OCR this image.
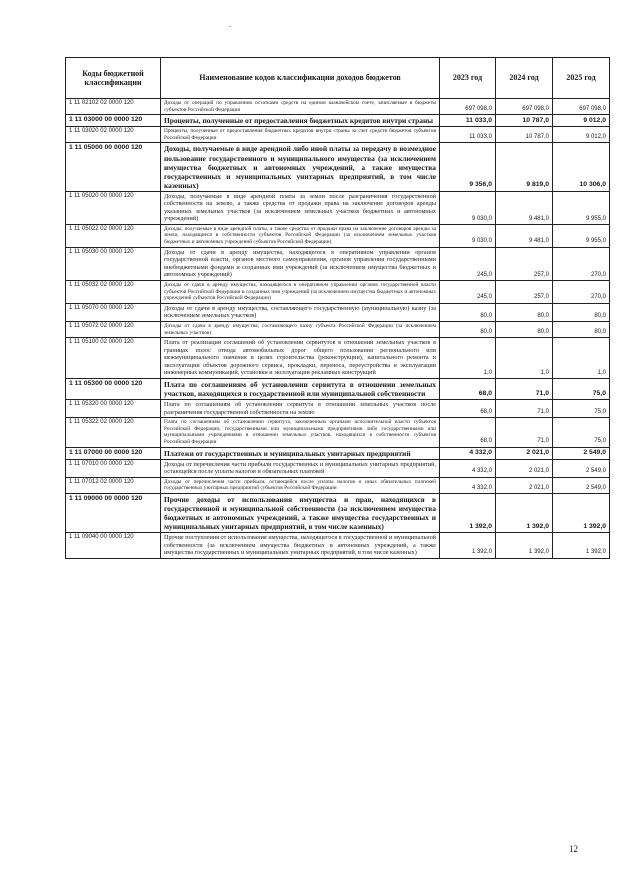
.
Коды бюджетной классификации	Наименование кодов классификации доходов бюджетов	2023 год	2024 год	2025 год
1 11 02102 02 0000 120	Доходы от операций по управлению остатками средств на едином казначейском счете, зачисляемые в бюджеты субъектов Российской Федерации	697 098,0	697 098,0	697 098,0
1 11 03000 00 0000 120	Проценты, полученные от предоставления бюджетных кредитов внутри страны	11 033,0	10 787,0	9 012,0
1 11 03020 02 0000 120	Проценты, полученные от предоставления бюджетных кредитов внутри страны за счет средств бюджетов субъектов Российской Федерации	11 033,0	10 787,0	9 012,0
1 11 05000 00 0000 120	Доходы, получаемые в виде арендной либо иной платы за передачу в возмездное пользование государственного и муниципального имущества (за исключением имущества бюджетных и автономных учреждений, а также имущества государственных и муниципальных унитарных предприятий, в том числе казенных)	9 356,0	9 819,0	10 306,0
1 11 05020 00 0000 120	Доходы, получаемые в виде арендной платы за земли после разграничения государственной собственности на землю, а также средства от продажи права на заключение договоров аренды указанных земельных участков (за исключением земельных участков бюджетных и автономных учреждений)	9 030,0	9 481,0	9 955,0
1 11 05022 02 0000 120	Доходы, получаемые в виде арендной платы, а также средства от продажи права на заключение договоров аренды за земли, находящиеся в собственности субъектов Российской Федерации (за исключением земельных участков бюджетных и автономных учреждений субъектов Российской Федерации)	9 030,0	9 481,0	9 955,0
1 11 05030 00 0000 120	Доходы от сдачи в аренду имущества, находящегося в оперативном управлении органов государственной власти, органов местного самоуправления, органов управления государственными внебюджетными фондами и созданных ими учреждений (за исключением имущества бюджетных и автономных учреждений)	245,0	257,0	270,0
1 11 05032 02 0000 120	Доходы от сдачи в аренду имущества, находящегося в оперативном управлении органов государственной власти субъектов Российской Федерации и созданных ими учреждений (за исключением имущества бюджетных и автономных учреждений субъектов Российской Федерации)	245,0	257,0	270,0
1 11 05070 00 0000 120	Доходы от сдачи в аренду имущества, составляющего государственную (муниципальную) казну (за исключением земельных участков)	80,0	80,0	80,0
1 11 05072 02 0000 120	Доходы от сдачи в аренду имущества, составляющего казну субъекта Российской Федерации (за исключением земельных участков)	80,0	80,0	80,0
1 11 05100 02 0000 120	Плата от реализации соглашений об установлении сервитутов в отношении земельных участков в границах полос отвода автомобильных дорог общего пользования регионального или межмуниципального значения в целях строительства (реконструкции), капитального ремонта и эксплуатации объектов дорожного сервиса, прокладки, переноса, переустройства и эксплуатации инженерных коммуникаций, установки и эксплуатации рекламных конструкций	1,0	1,0	1,0
1 11 05300 00 0000 120	Плата по соглашениям об установлении сервитута в отношении земельных участков, находящихся в государственной или муниципальной собственности	68,0	71,0	75,0
1 11 05320 00 0000 120	Плата по соглашениям об установлении сервитута в отношении земельных участков после разграничения государственной собственности на землю	68,0	71,0	75,0
1 11 05322 02 0000 120	Плата по соглашениям об установлении сервитута, заключенным органами исполнительной власти субъектов Российской Федерации, государственными или муниципальными предприятиями либо государственными или муниципальными учреждениями в отношении земельных участков, находящихся в собственности субъектов Российской Федерации	68,0	71,0	75,0
1 11 07000 00 0000 120	Платежи от государственных и муниципальных унитарных предприятий	4 332,0	2 021,0	2 549,0
1 11 07010 00 0000 120	Доходы от перечисления части прибыли государственных и муниципальных унитарных предприятий, остающейся после уплаты налогов и обязательных платежей	4 332,0	2 021,0	2 549,0
1 11 07012 02 0000 120	Доходы от перечисления части прибыли, остающейся после уплаты налогов и иных обязательных платежей государственных унитарных предприятий субъектов Российской Федерации	4 332,0	2 021,0	2 549,0
1 11 09000 00 0000 120	Прочие доходы от использования имущества и прав, находящихся в государственной и муниципальной собственности (за исключением имущества бюджетных и автономных учреждений, а также имущества государственных и муниципальных унитарных предприятий, в том числе казенных)	1 392,0	1 392,0	1 392,0
1 11 09040 00 0000 120	Прочие поступления от использования имущества, находящегося в государственной и муниципальной собственности (за исключением имущества бюджетных и автономных учреждений, а также имущества государственных и муниципальных унитарных предприятий, в том числе казенных)	1 392,0	1 392,0	1 392,0
12
